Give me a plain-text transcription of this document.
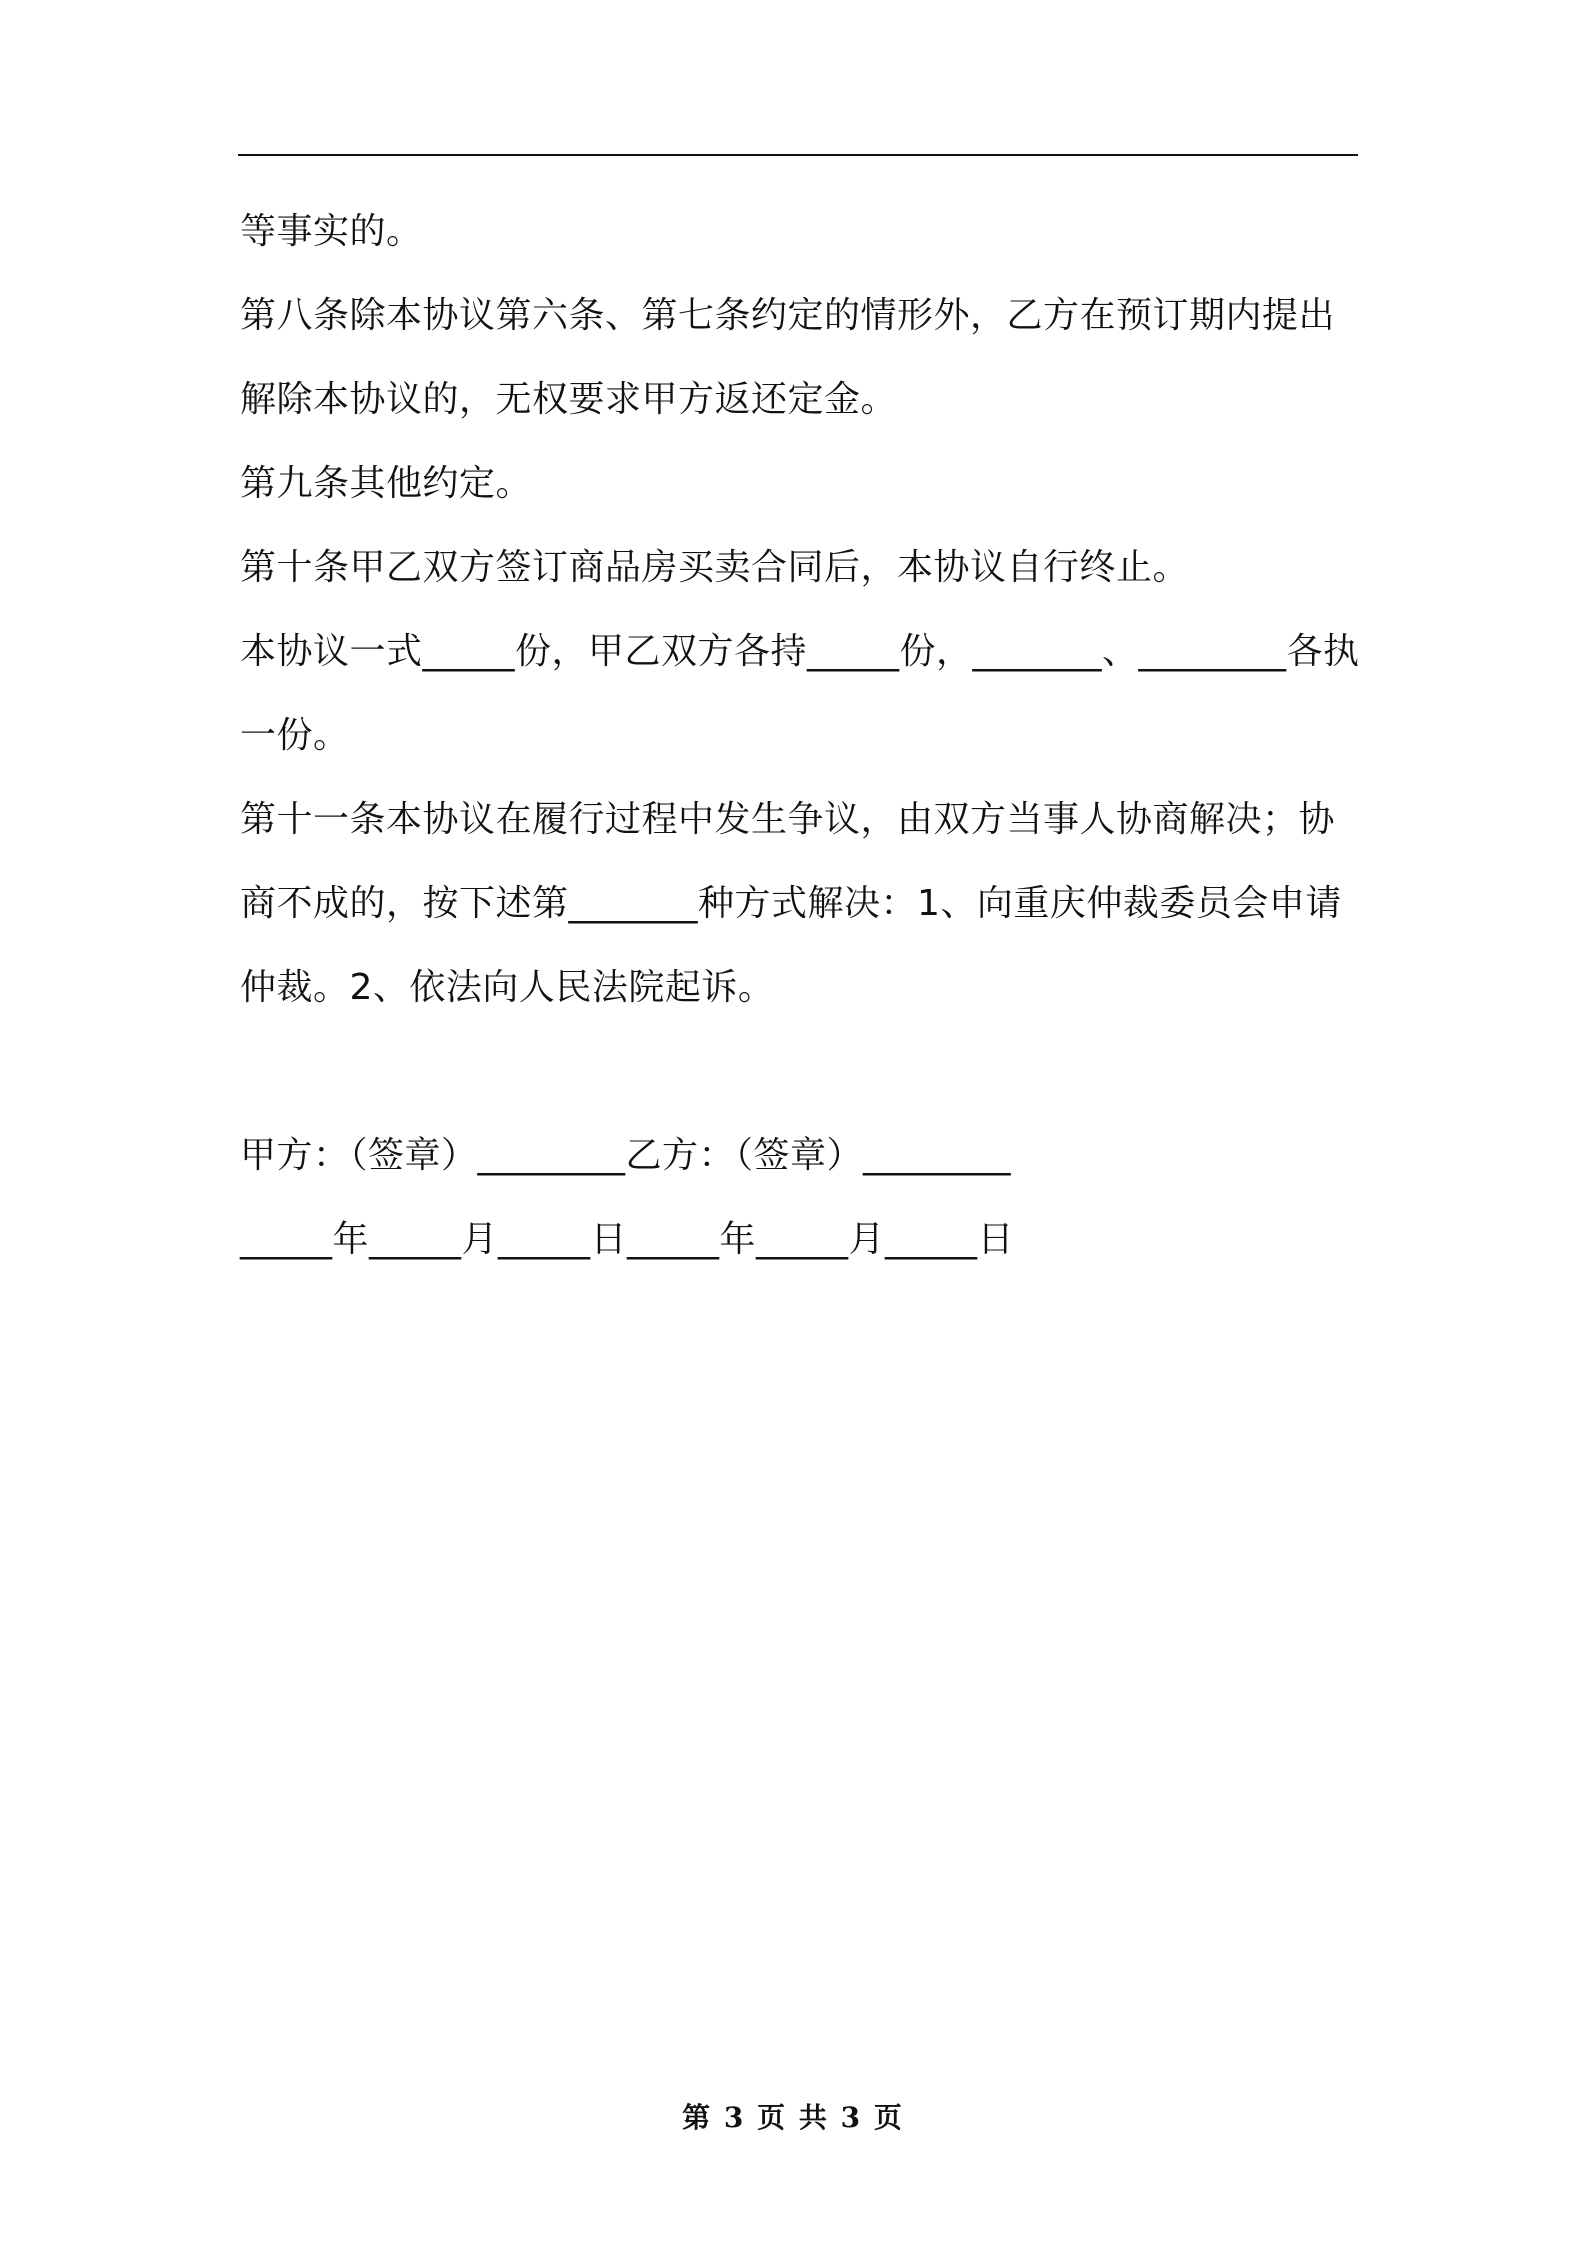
等事实的。

第八条除本协议第六条、第七条约定的情形外，乙方在预订期内提出解除本协议的，无权要求甲方返还定金。

第九条其他约定。

第十条甲乙双方签订商品房买卖合同后，本协议自行终止。

本协议一式_____份，甲乙双方各持_____份，_______、________各执一份。

第十一条本协议在履行过程中发生争议，由双方当事人协商解决；协商不成的，按下述第_______种方式解决：1、向重庆仲裁委员会申请仲裁。2、依法向人民法院起诉。

甲方：（签章）________乙方：（签章）________

_____年_____月_____日_____年_____月_____日

第 3 页 共 3 页
